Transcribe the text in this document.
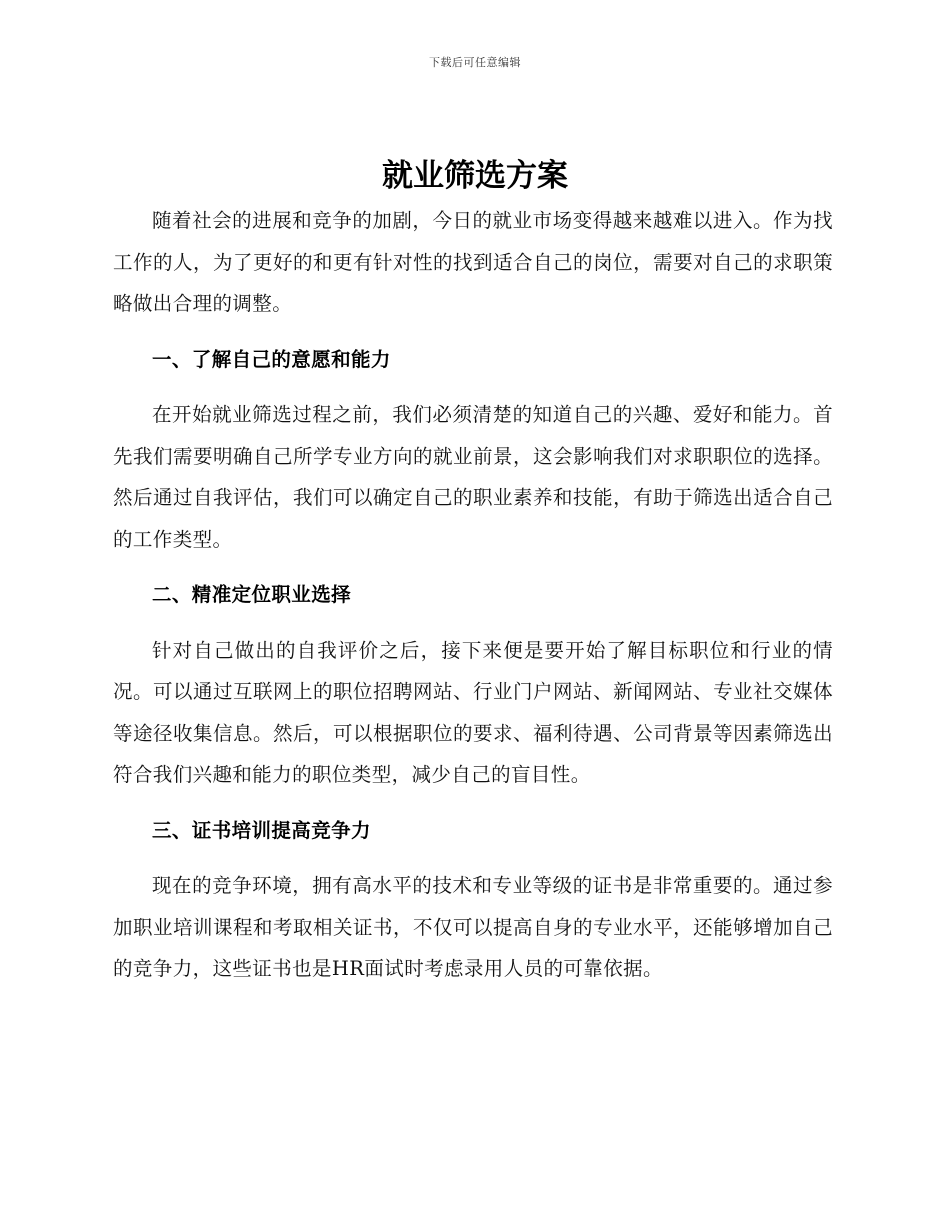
下载后可任意编辑
就业筛选方案

随着社会的进展和竞争的加剧，今日的就业市场变得越来越难以进入。作为找工作的人，为了更好的和更有针对性的找到适合自己的岗位，需要对自己的求职策略做出合理的调整。

一、了解自己的意愿和能力

在开始就业筛选过程之前，我们必须清楚的知道自己的兴趣、爱好和能力。首先我们需要明确自己所学专业方向的就业前景，这会影响我们对求职职位的选择。然后通过自我评估，我们可以确定自己的职业素养和技能，有助于筛选出适合自己的工作类型。

二、精准定位职业选择

针对自己做出的自我评价之后，接下来便是要开始了解目标职位和行业的情况。可以通过互联网上的职位招聘网站、行业门户网站、新闻网站、专业社交媒体等途径收集信息。然后，可以根据职位的要求、福利待遇、公司背景等因素筛选出符合我们兴趣和能力的职位类型，减少自己的盲目性。

三、证书培训提高竞争力

现在的竞争环境，拥有高水平的技术和专业等级的证书是非常重要的。通过参加职业培训课程和考取相关证书，不仅可以提高自身的专业水平，还能够增加自己的竞争力，这些证书也是HR面试时考虑录用人员的可靠依据。
